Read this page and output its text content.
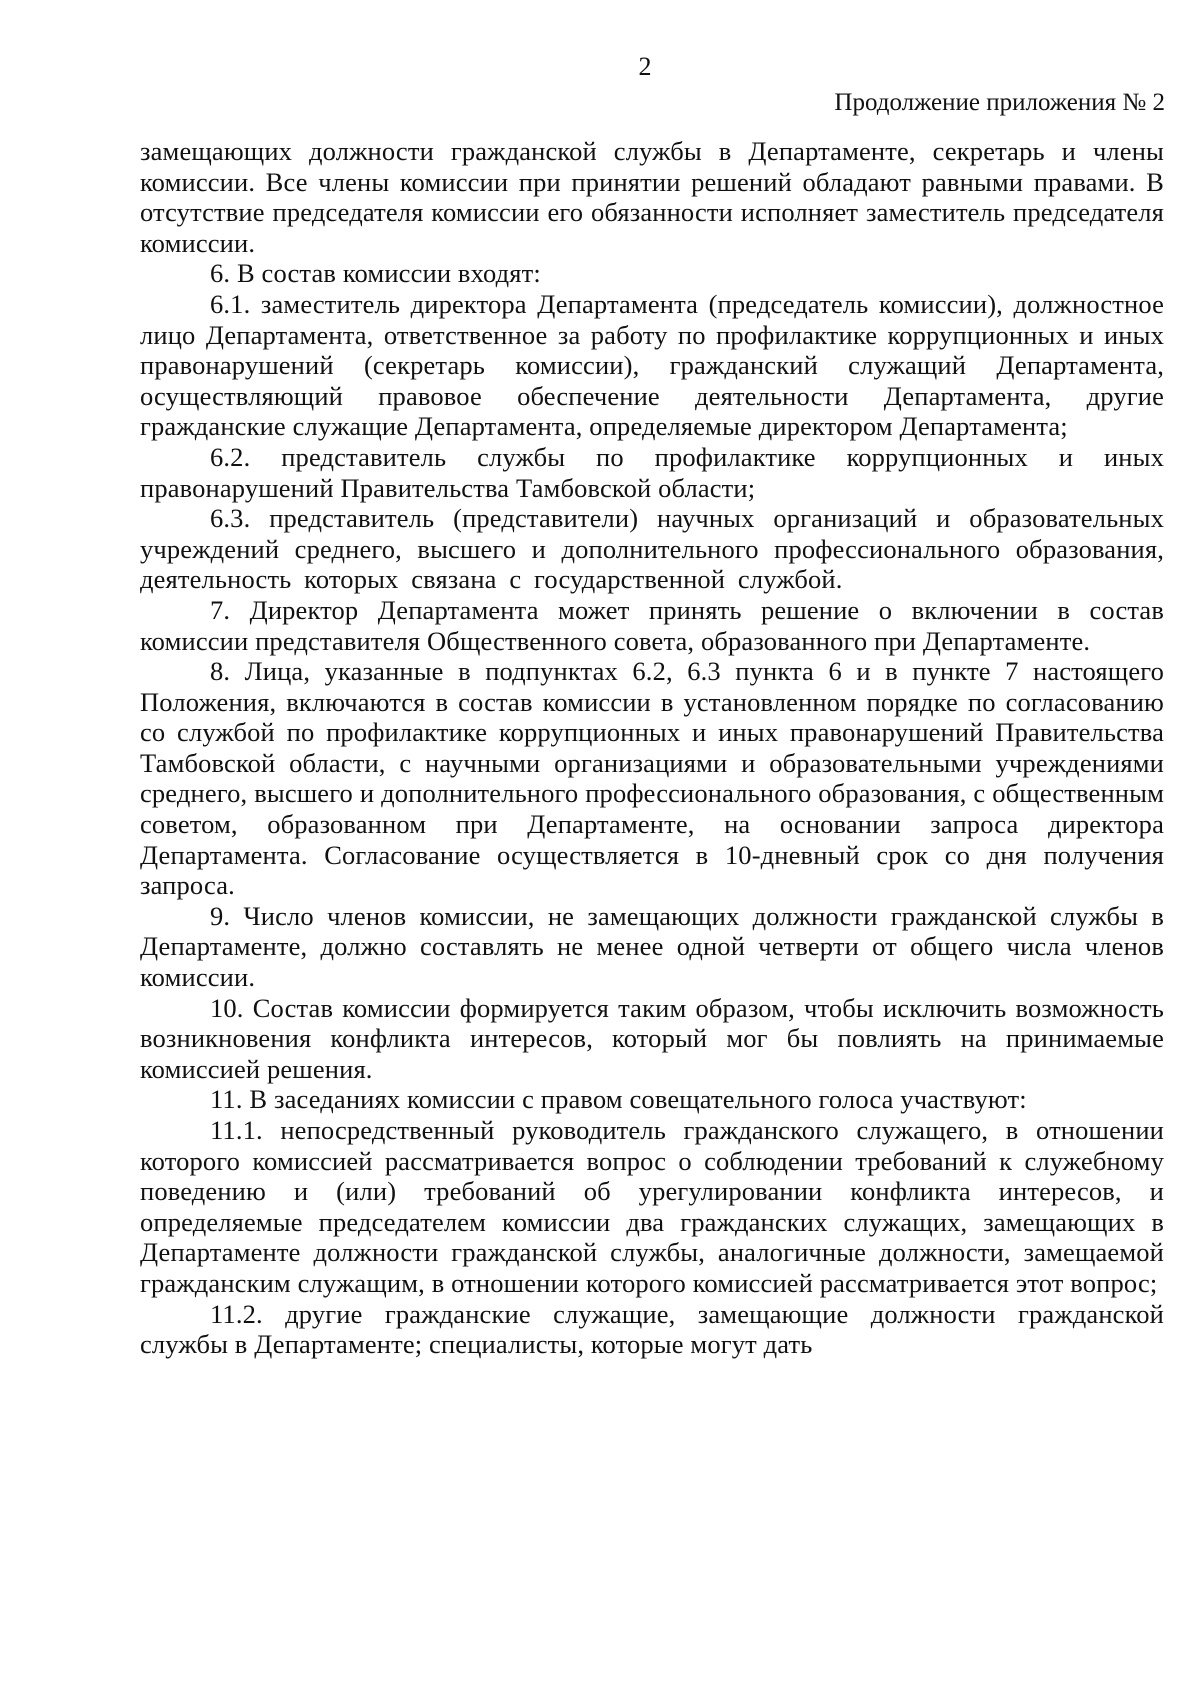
2
Продолжение приложения № 2

замещающих должности гражданской службы в Департаменте, секретарь и члены комиссии. Все члены комиссии при принятии решений обладают равными правами. В отсутствие председателя комиссии его обязанности исполняет заместитель председателя комиссии.

6. В состав комиссии входят:

6.1. заместитель директора Департамента (председатель комиссии), должностное лицо Департамента, ответственное за работу по профилактике коррупционных и иных правонарушений (секретарь комиссии), гражданский служащий Департамента, осуществляющий правовое обеспечение деятельности Департамента, другие гражданские служащие Департамента, определяемые директором Департамента;

6.2. представитель службы по профилактике коррупционных и иных правонарушений Правительства Тамбовской области;

6.3. представитель (представители) научных организаций и образовательных учреждений среднего, высшего и дополнительного профессионального образования, деятельность которых связана с государственной службой.

7. Директор Департамента может принять решение о включении в состав комиссии представителя Общественного совета, образованного при Департаменте.

8. Лица, указанные в подпунктах 6.2, 6.3 пункта 6 и в пункте 7 настоящего Положения, включаются в состав комиссии в установленном порядке по согласованию со службой по профилактике коррупционных и иных правонарушений Правительства Тамбовской области, с научными организациями и образовательными учреждениями среднего, высшего и дополнительного профессионального образования, с общественным советом, образованном при Департаменте, на основании запроса директора Департамента. Согласование осуществляется в 10-дневный срок со дня получения запроса.

9. Число членов комиссии, не замещающих должности гражданской службы в Департаменте, должно составлять не менее одной четверти от общего числа членов комиссии.

10. Состав комиссии формируется таким образом, чтобы исключить возможность возникновения конфликта интересов, который мог бы повлиять на принимаемые комиссией решения.

11. В заседаниях комиссии с правом совещательного голоса участвуют:

11.1. непосредственный руководитель гражданского служащего, в отношении которого комиссией рассматривается вопрос о соблюдении требований к служебному поведению и (или) требований об урегулировании конфликта интересов, и определяемые председателем комиссии два гражданских служащих, замещающих в Департаменте должности гражданской службы, аналогичные должности, замещаемой гражданским служащим, в отношении которого комиссией рассматривается этот вопрос;

11.2. другие гражданские служащие, замещающие должности гражданской службы в Департаменте; специалисты, которые могут дать
